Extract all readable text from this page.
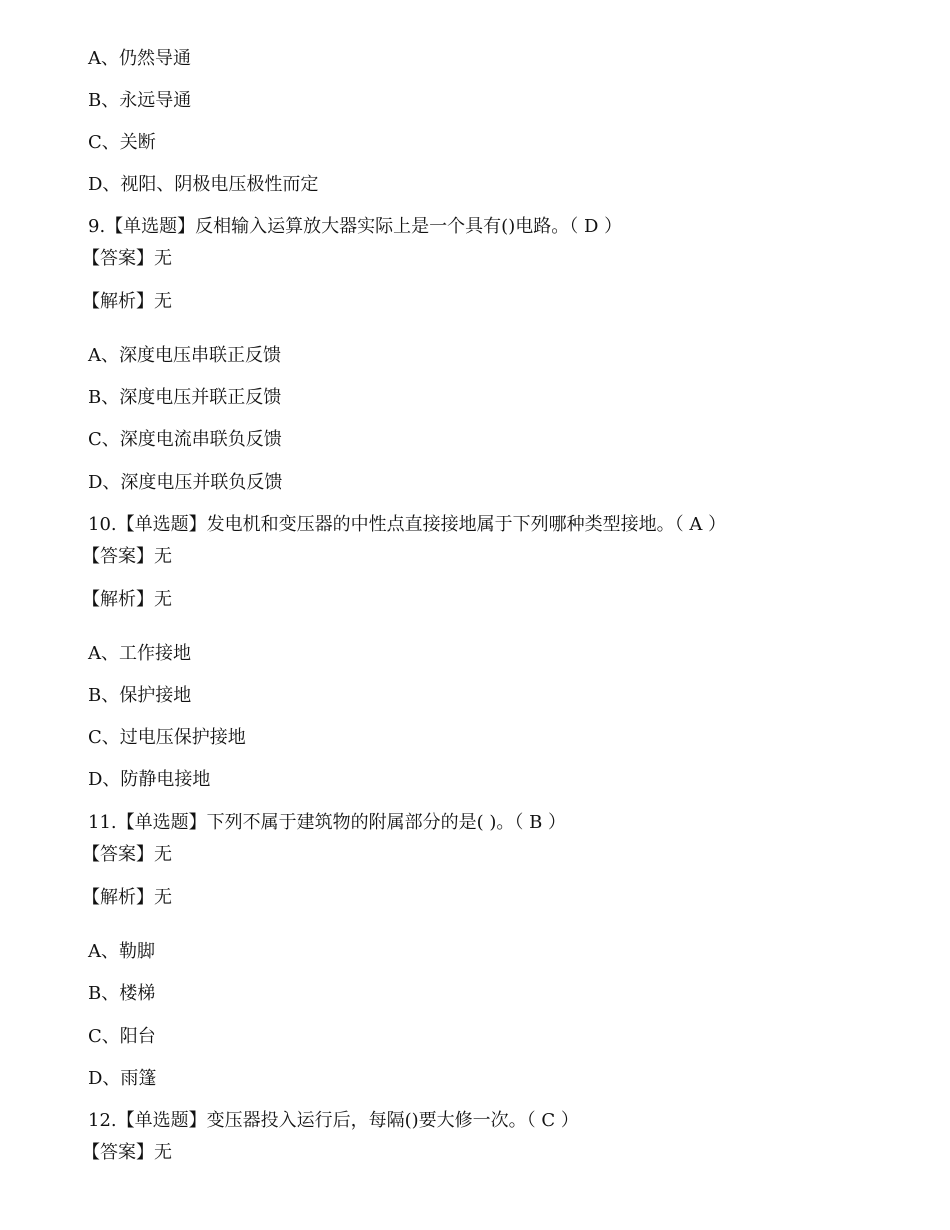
A、仍然导通
B、永远导通
C、关断
D、视阳、阴极电压极性而定
9.【单选题】反相输入运算放大器实际上是一个具有()电路。（ D ）
【答案】无
【解析】无
A、深度电压串联正反馈
B、深度电压并联正反馈
C、深度电流串联负反馈
D、深度电压并联负反馈
10.【单选题】发电机和变压器的中性点直接接地属于下列哪种类型接地。（ A ）
【答案】无
【解析】无
A、工作接地
B、保护接地
C、过电压保护接地
D、防静电接地
11.【单选题】下列不属于建筑物的附属部分的是( )。（ B ）
【答案】无
【解析】无
A、勒脚
B、楼梯
C、阳台
D、雨篷
12.【单选题】变压器投入运行后，每隔()要大修一次。（ C ）
【答案】无
